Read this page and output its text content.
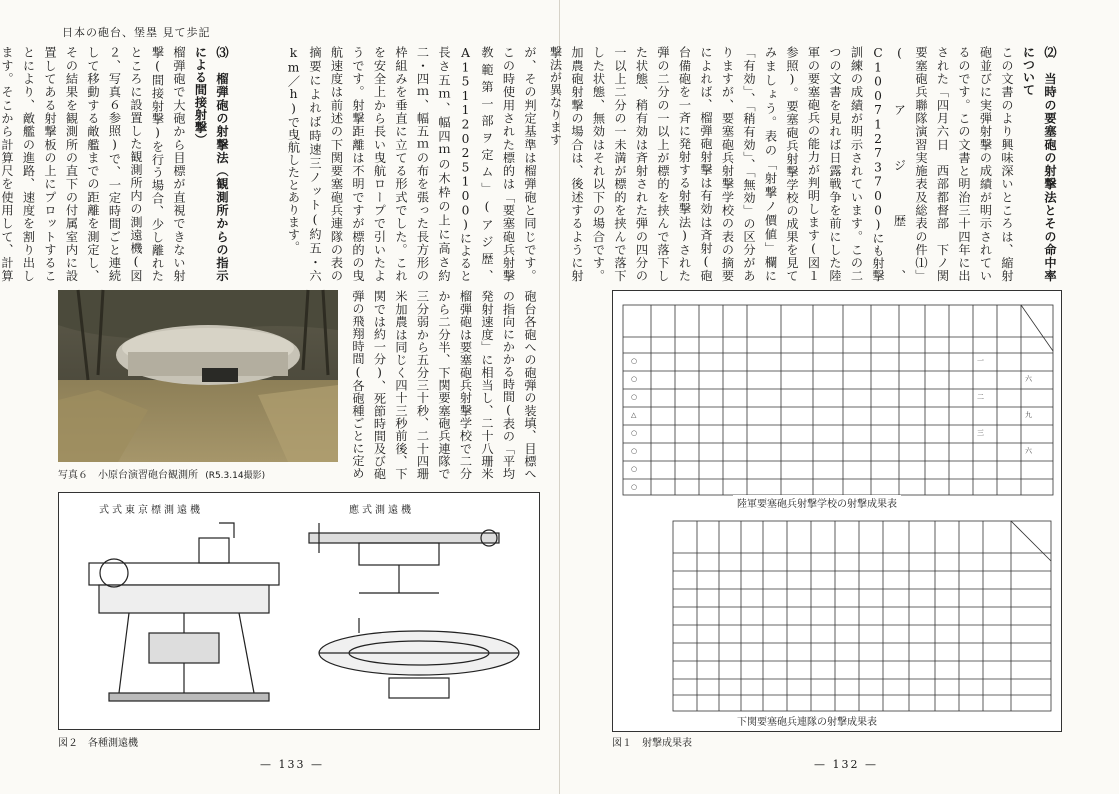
日本の砲台、堡塁 見て歩記

が、その判定基準は榴弾砲と同じです。この時使用された標的は「要塞砲兵射撃教範第一部ヲ定ム」(アジ歴、A15112025100)によると長さ五ｍ、幅四ｍの木枠の上に高さ約二・四ｍ、幅五ｍの布を張った長方形の枠組みを垂直に立てる形式でした。これを安全上から長い曳航ロープで引いたようです。射撃距離は不明ですが標的の曳航速度は前述の下関要塞砲兵連隊の表の摘要によれば時速三ノット(約五・六km／h)で曳航したとあります。

⑶　榴弾砲の射撃法（観測所からの指示による間接射撃）

榴弾砲で大砲から目標が直視できない射撃(間接射撃)を行う場合、少し離れたところに設置した観測所内の測遠機(図２、写真６参照)で、一定時間ごと連続して移動する敵艦までの距離を測定し、その結果を観測所の直下の付属室内に設置してある射撃板の上にプロットすることにより、敵艦の進路、速度を割り出します。そこから計算尺を使用して、計算

写真６　小原台演習砲台観測所 (R5.3.14撮影)	砲台各砲への砲弾の装填、目標への指向にかかる時間(表の「平均発射速度」に相当し、二十八珊米榴弾砲は要塞砲兵射撃学校で二分から二分半、下関要塞砲兵連隊で三分弱から五分三十秒、二十四珊米加農は同じく四十三秒前後、下関では約一分)、死節時間及び砲弾の飛翔時間(各砲種ごとに定め

式式東京標測遠機	應式測遠機
図２　各種測遠機
— 133 —

⑵　当時の要塞砲の射撃法とその命中率について

この文書のより興味深いところは、縮射砲並びに実弾射撃の成績が明示されているのです。この文書と明治三十四年に出された「四月六日　西部都督部　下ノ関要塞砲兵聯隊演習実施表及総表の件⑴」(アジ歴、C10071273700)にも射撃訓練の成績が明示されています。この二つの文書を見れば日露戦争を前にした陸軍の要塞砲兵の能力が判明します(図１参照)。要塞砲兵射撃学校の成果を見てみましょう。表の「射撃ノ價値」欄に「有効」、「稍有効」、「無効」の区分がありますが、要塞砲兵射撃学校の表の摘要によれば、榴弾砲射撃は有効は斉射(砲台備砲を一斉に発射する射撃法)された弾の二分の一以上が標的を挟んで落下した状態、稍有効は斉射された弾の四分の一以上二分の一未満が標的を挟んで落下した状態、無効はそれ以下の場合です。加農砲射撃の場合は、後述するように射撃法が異なります

○
○
○
△
○
○
○
○
一
二
三
六
九
六
陸軍要塞砲兵射撃学校の射撃成果表
下関要塞砲兵連隊の射撃成果表
図１　射撃成果表
— 132 —
